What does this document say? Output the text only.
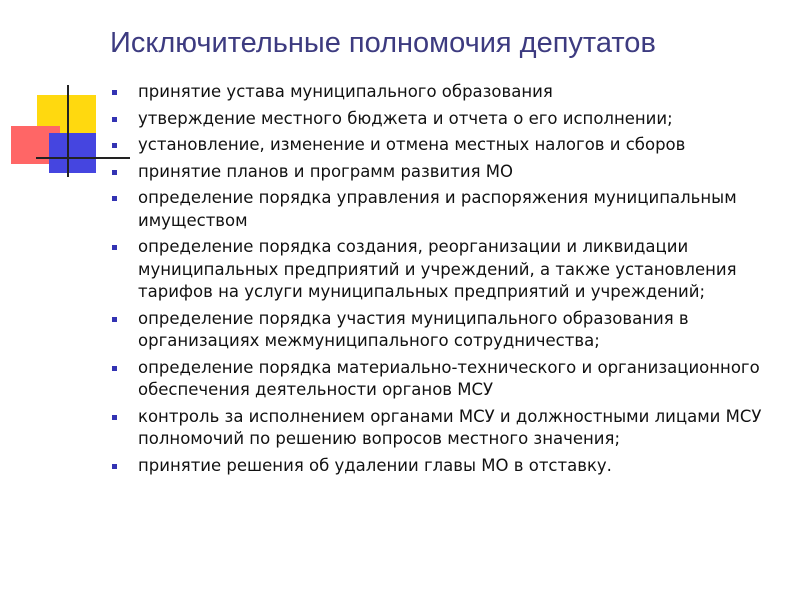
Исключительные полномочия депутатов
принятие устава муниципального образования
утверждение местного бюджета и отчета о его исполнении;
установление, изменение и отмена местных налогов и сборов
принятие планов и программ развития МО
определение порядка управления и распоряжения муниципальным имуществом
определение порядка создания, реорганизации и ликвидации муниципальных предприятий и учреждений, а также установления тарифов на услуги муниципальных предприятий и учреждений;
определение порядка участия муниципального образования в организациях межмуниципального сотрудничества;
определение порядка материально-технического и организационного обеспечения деятельности органов МСУ
контроль за исполнением органами МСУ и должностными лицами МСУ полномочий по решению вопросов местного значения;
принятие решения об удалении главы МО в отставку.
